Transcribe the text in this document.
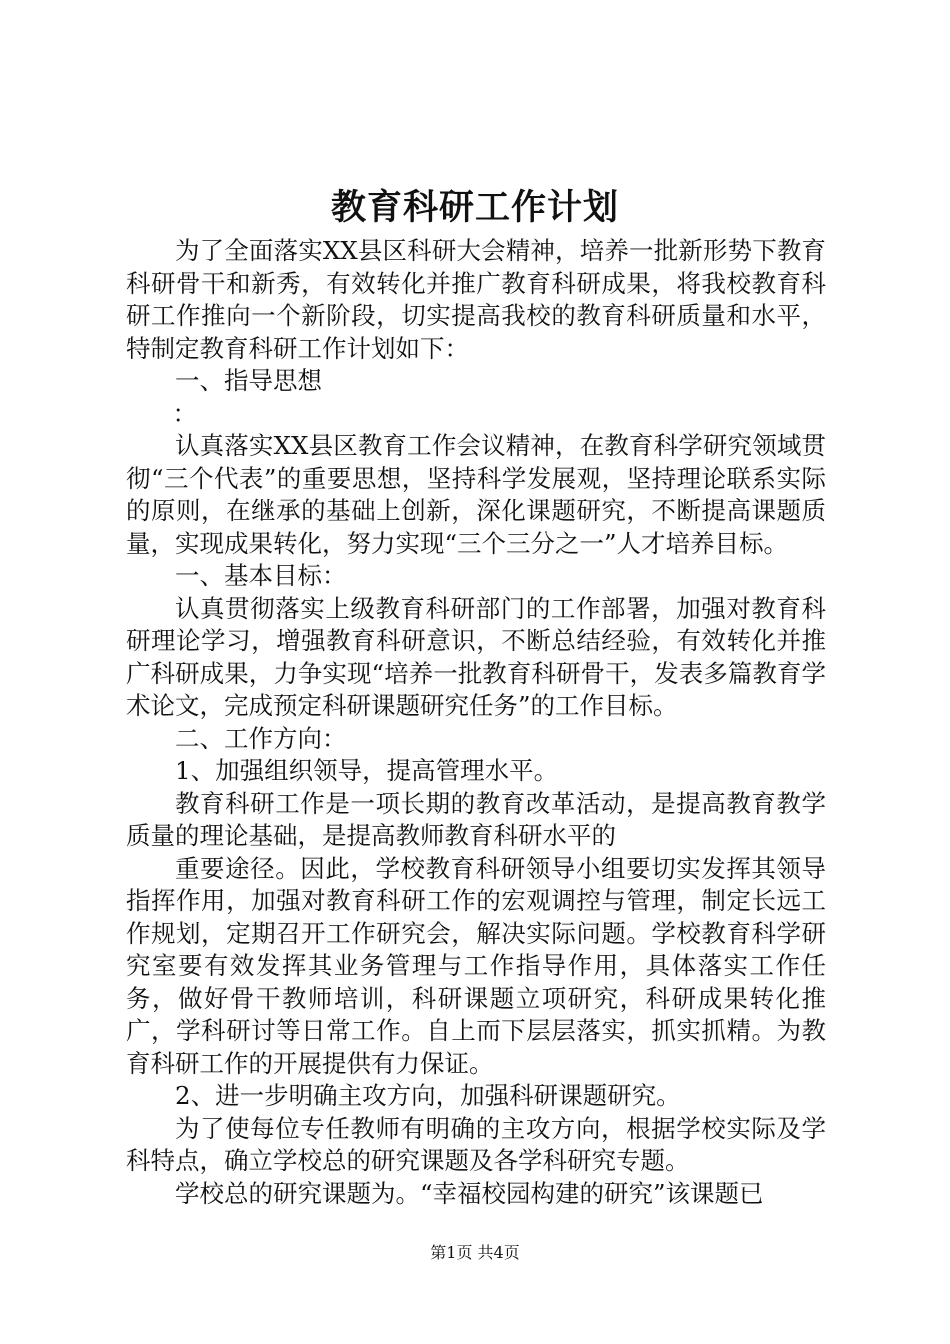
教育科研工作计划

为了全面落实XX县区科研大会精神，培养一批新形势下教育科研骨干和新秀，有效转化并推广教育科研成果，将我校教育科研工作推向一个新阶段，切实提高我校的教育科研质量和水平，特制定教育科研工作计划如下：

一、指导思想

：

认真落实XX县区教育工作会议精神，在教育科学研究领域贯彻“三个代表”的重要思想，坚持科学发展观，坚持理论联系实际的原则，在继承的基础上创新，深化课题研究，不断提高课题质量，实现成果转化，努力实现“三个三分之一”人才培养目标。

一、基本目标：

认真贯彻落实上级教育科研部门的工作部署，加强对教育科研理论学习，增强教育科研意识，不断总结经验，有效转化并推广科研成果，力争实现“培养一批教育科研骨干，发表多篇教育学术论文，完成预定科研课题研究任务”的工作目标。

二、工作方向：

1、加强组织领导，提高管理水平。

教育科研工作是一项长期的教育改革活动，是提高教育教学质量的理论基础，是提高教师教育科研水平的

重要途径。因此，学校教育科研领导小组要切实发挥其领导指挥作用，加强对教育科研工作的宏观调控与管理，制定长远工作规划，定期召开工作研究会，解决实际问题。学校教育科学研究室要有效发挥其业务管理与工作指导作用，具体落实工作任务，做好骨干教师培训，科研课题立项研究，科研成果转化推广，学科研讨等日常工作。自上而下层层落实，抓实抓精。为教育科研工作的开展提供有力保证。

2、进一步明确主攻方向，加强科研课题研究。

为了使每位专任教师有明确的主攻方向，根据学校实际及学科特点，确立学校总的研究课题及各学科研究专题。

学校总的研究课题为。“幸福校园构建的研究”该课题已

第1页 共4页
